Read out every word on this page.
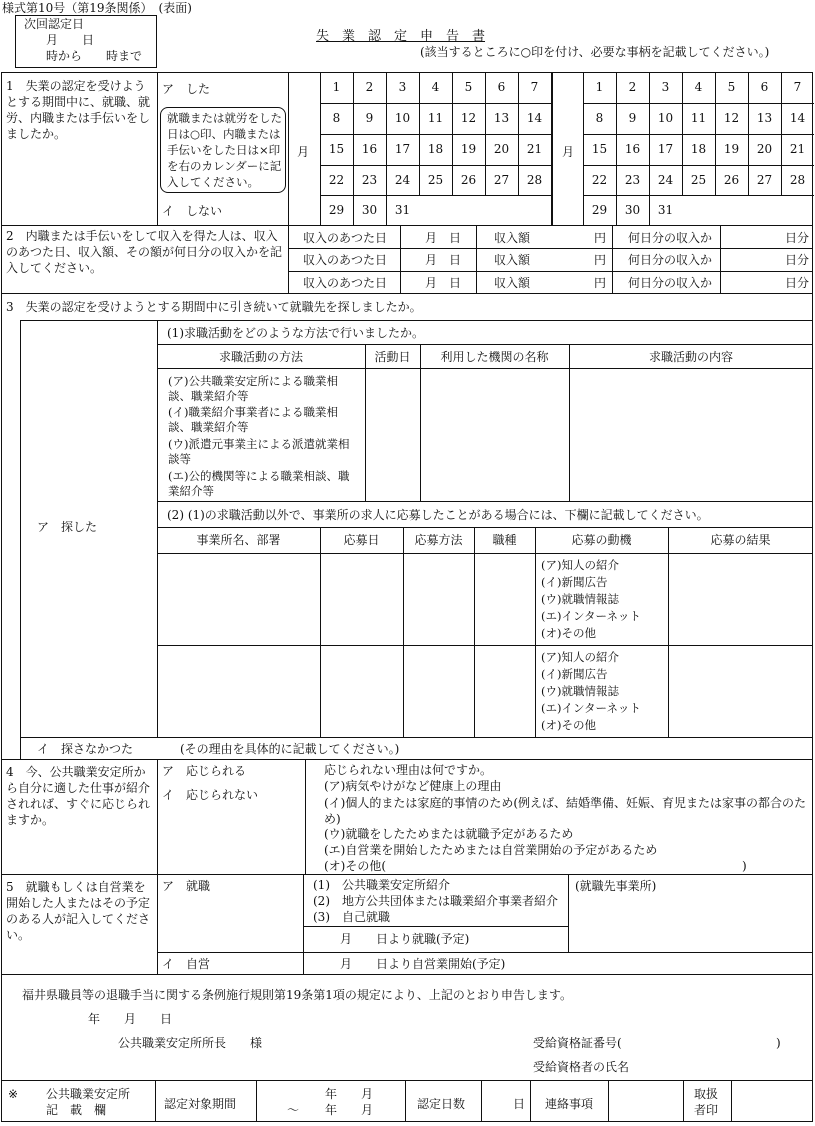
様式第10号（第19条関係）　(表面)
次回認定日
月　　日
時から　　時まで
失　業　認　定　申　告　書
(該当するところに○印を付け、必要な事柄を記載してください。)
1　失業の認定を受けようとする期間中に、就職、就労、内職または手伝いをしましたか。
ア　した
就職または就労をした日は○印、内職または手伝いをした日は×印を右のカレンダーに記入してください。
イ　しない
月
1	2	3	4	5	6	7
8	9	10	11	12	13	14
15	16	17	18	19	20	21
22	23	24	25	26	27	28
29	30	31
月
1	2	3	4	5	6	7
8	9	10	11	12	13	14
15	16	17	18	19	20	21
22	23	24	25	26	27	28
29	30	31
2　内職または手伝いをして収入を得た人は、収入のあつた日、収入額、その額が何日分の収入かを記入してください。
収入のあつた日	月　日	収入額	円 何日分の収入か	日分
収入のあつた日	月　日	収入額	円 何日分の収入か	日分
収入のあつた日	月　日	収入額	円 何日分の収入か	日分
3　失業の認定を受けようとする期間中に引き続いて就職先を探しましたか。
ア　探した
(1)求職活動をどのような方法で行いましたか。
求職活動の方法	活動日	利用した機関の名称	求職活動の内容
(ア)公共職業安定所による職業相談、職業紹介等
(イ)職業紹介事業者による職業相談、職業紹介等
(ウ)派遣元事業主による派遣就業相談等
(エ)公的機関等による職業相談、職業紹介等
(2) (1)の求職活動以外で、事業所の求人に応募したことがある場合には、下欄に記載してください。
事業所名、部署	応募日	応募方法	職種	応募の動機	応募の結果
(ア)知人の紹介
(イ)新聞広告
(ウ)就職情報誌
(エ)インターネット
(オ)その他
(ア)知人の紹介
(イ)新聞広告
(ウ)就職情報誌
(エ)インターネット
(オ)その他
イ　探さなかつた	(その理由を具体的に記載してください。)
4　今、公共職業安定所から自分に適した仕事が紹介されれば、すぐに応じられますか。
ア　応じられる
イ　応じられない
応じられない理由は何ですか。
(ア)病気やけがなど健康上の理由
(イ)個人的または家庭的事情のため(例えば、結婚準備、妊娠、育児または家事の都合のため)
(ウ)就職をしたためまたは就職予定があるため
(エ)自営業を開始したためまたは自営業開始の予定があるため
(オ)その他(	)
5　就職もしくは自営業を開始した人またはその予定のある人が記入してください。
ア　就職	(1)　公共職業安定所紹介
(2)　地方公共団体または職業紹介事業者紹介
(3)　自己就職
月　　日より就職(予定)
(就職先事業所)
イ　自営	月　　日より自営業開始(予定)
福井県職員等の退職手当に関する条例施行規則第19条第1項の規定により、上記のとおり申告します。
年　　月　　日
公共職業安定所所長　　様	受給資格証番号(	)
受給資格者の氏名
※ 公共職業安定所
記　載　欄	認定対象期間
年　　月
～ 年　　月	認定日数	日 連絡事項
取扱
者印
